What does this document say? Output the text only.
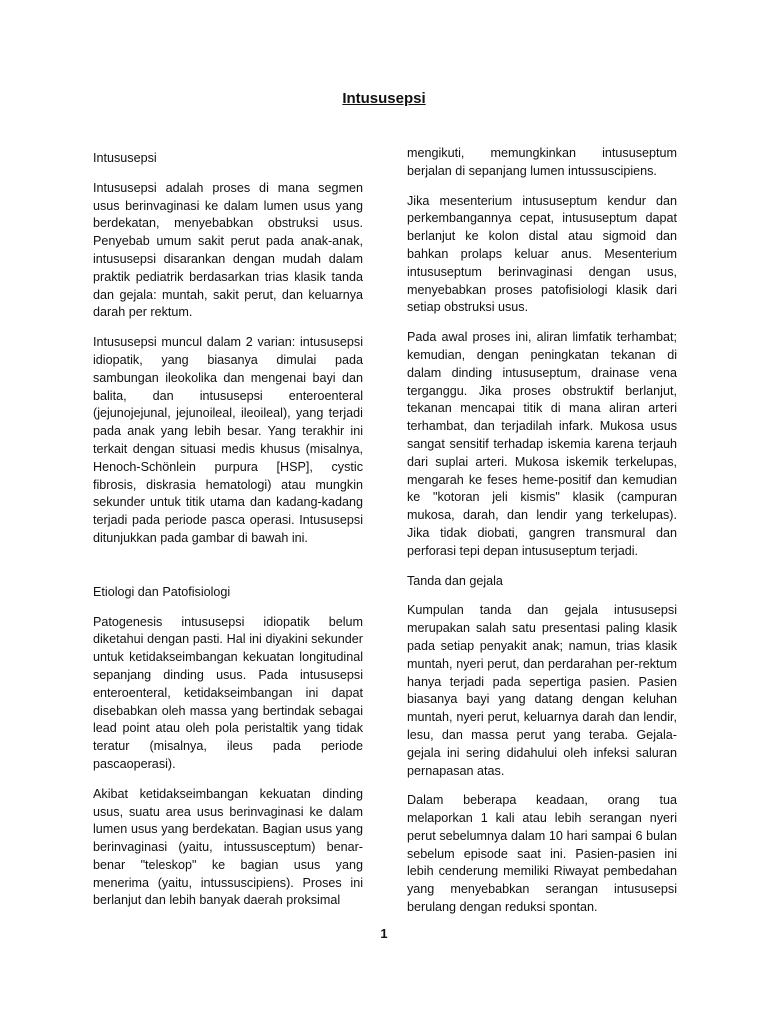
Intususepsi
Intususepsi

Intususepsi adalah proses di mana segmen usus berinvaginasi ke dalam lumen usus yang berdekatan, menyebabkan obstruksi usus. Penyebab umum sakit perut pada anak-anak, intususepsi disarankan dengan mudah dalam praktik pediatrik berdasarkan trias klasik tanda dan gejala: muntah, sakit perut, dan keluarnya darah per rektum.

Intususepsi muncul dalam 2 varian: intususepsi idiopatik, yang biasanya dimulai pada sambungan ileokolika dan mengenai bayi dan balita, dan intususepsi enteroenteral (jejunojejunal, jejunoileal, ileoileal), yang terjadi pada anak yang lebih besar. Yang terakhir ini terkait dengan situasi medis khusus (misalnya, Henoch-Schönlein purpura [HSP], cystic fibrosis, diskrasia hematologi) atau mungkin sekunder untuk titik utama dan kadang-kadang terjadi pada periode pasca operasi. Intususepsi ditunjukkan pada gambar di bawah ini.

Etiologi dan Patofisiologi

Patogenesis intususepsi idiopatik belum diketahui dengan pasti. Hal ini diyakini sekunder untuk ketidakseimbangan kekuatan longitudinal sepanjang dinding usus. Pada intususepsi enteroenteral, ketidakseimbangan ini dapat disebabkan oleh massa yang bertindak sebagai lead point atau oleh pola peristaltik yang tidak teratur (misalnya, ileus pada periode pascaoperasi).

Akibat ketidakseimbangan kekuatan dinding usus, suatu area usus berinvaginasi ke dalam lumen usus yang berdekatan. Bagian usus yang berinvaginasi (yaitu, intussusceptum) benar-benar "teleskop" ke bagian usus yang menerima (yaitu, intussuscipiens). Proses ini berlanjut dan lebih banyak daerah proksimal

mengikuti, memungkinkan intususeptum berjalan di sepanjang lumen intussuscipiens.

Jika mesenterium intususeptum kendur dan perkembangannya cepat, intususeptum dapat berlanjut ke kolon distal atau sigmoid dan bahkan prolaps keluar anus. Mesenterium intususeptum berinvaginasi dengan usus, menyebabkan proses patofisiologi klasik dari setiap obstruksi usus.

Pada awal proses ini, aliran limfatik terhambat; kemudian, dengan peningkatan tekanan di dalam dinding intususeptum, drainase vena terganggu. Jika proses obstruktif berlanjut, tekanan mencapai titik di mana aliran arteri terhambat, dan terjadilah infark. Mukosa usus sangat sensitif terhadap iskemia karena terjauh dari suplai arteri. Mukosa iskemik terkelupas, mengarah ke feses heme-positif dan kemudian ke "kotoran jeli kismis" klasik (campuran mukosa, darah, dan lendir yang terkelupas). Jika tidak diobati, gangren transmural dan perforasi tepi depan intususeptum terjadi.

Tanda dan gejala

Kumpulan tanda dan gejala intususepsi merupakan salah satu presentasi paling klasik pada setiap penyakit anak; namun, trias klasik muntah, nyeri perut, dan perdarahan per-rektum hanya terjadi pada sepertiga pasien. Pasien biasanya bayi yang datang dengan keluhan muntah, nyeri perut, keluarnya darah dan lendir, lesu, dan massa perut yang teraba. Gejala-gejala ini sering didahului oleh infeksi saluran pernapasan atas.

Dalam beberapa keadaan, orang tua melaporkan 1 kali atau lebih serangan nyeri perut sebelumnya dalam 10 hari sampai 6 bulan sebelum episode saat ini. Pasien-pasien ini lebih cenderung memiliki Riwayat pembedahan yang menyebabkan serangan intususepsi berulang dengan reduksi spontan.

1
